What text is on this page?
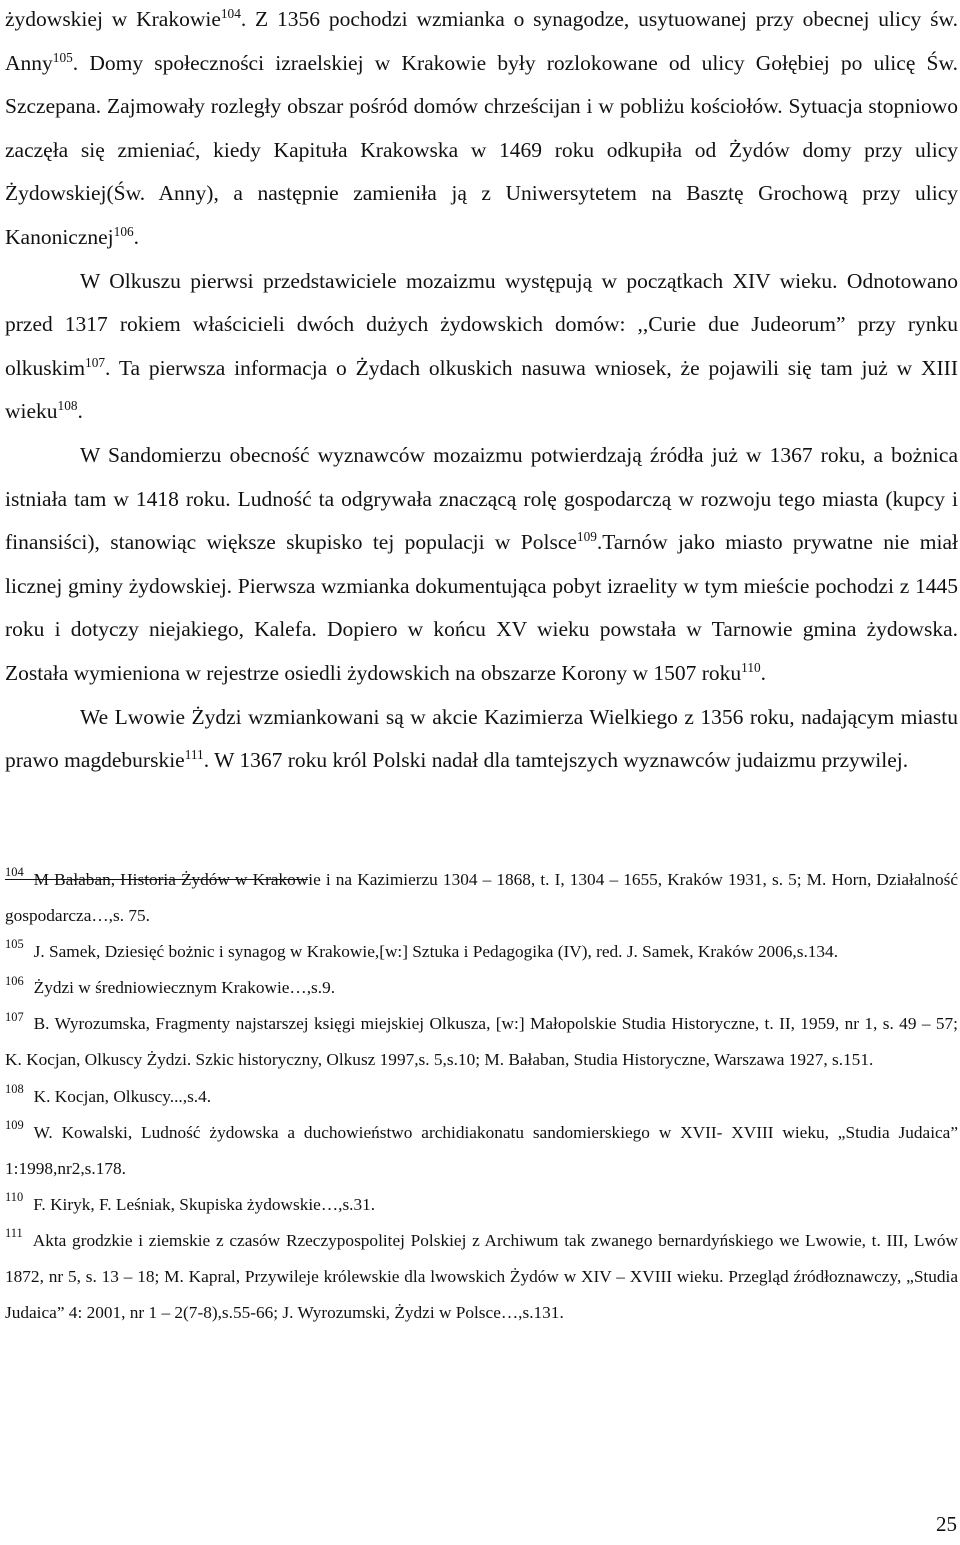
żydowskiej w Krakowie$^{104}$. Z 1356 pochodzi wzmianka o synagodze, usytuowanej przy obecnej ulicy św. Anny$^{105}$. Domy społeczności izraelskiej w Krakowie były rozlokowane od ulicy Gołębiej po ulicę Św. Szczepana. Zajmowały rozległy obszar pośród domów chrześcijan i w pobliżu kościołów. Sytuacja stopniowo zaczęła się zmieniać, kiedy Kapituła Krakowska w 1469 roku odkupiła od Żydów domy przy ulicy Żydowskiej(Św. Anny), a następnie zamieniła ją z Uniwersytetem na Basztę Grochową przy ulicy Kanonicznej$^{106}$.

W Olkuszu pierwsi przedstawiciele mozaizmu występują w początkach XIV wieku. Odnotowano przed 1317 rokiem właścicieli dwóch dużych żydowskich domów: ,,Curie due Judeorum” przy rynku olkuskim$^{107}$. Ta pierwsza informacja o Żydach olkuskich nasuwa wniosek, że pojawili się tam już w XIII wieku$^{108}$.

W Sandomierzu obecność wyznawców mozaizmu potwierdzają źródła już w 1367 roku, a bożnica istniała tam w 1418 roku. Ludność ta odgrywała znaczącą rolę gospodarczą w rozwoju tego miasta (kupcy i finansiści), stanowiąc większe skupisko tej populacji w Polsce$^{109}$.Tarnów jako miasto prywatne nie miał licznej gminy żydowskiej. Pierwsza wzmianka dokumentująca pobyt izraelity w tym mieście pochodzi z 1445 roku i dotyczy niejakiego, Kalefa. Dopiero w końcu XV wieku powstała w Tarnowie gmina żydowska. Została wymieniona w rejestrze osiedli żydowskich na obszarze Korony w 1507 roku$^{110}$.

We Lwowie Żydzi wzmiankowani są w akcie Kazimierza Wielkiego z 1356 roku, nadającym miastu prawo magdeburskie$^{111}$. W 1367 roku król Polski nadał dla tamtejszych wyznawców judaizmu przywilej.

$^{104}$ M Bałaban, Historia Żydów w Krakowie i na Kazimierzu 1304 – 1868, t. I, 1304 – 1655, Kraków 1931, s. 5; M. Horn, Działalność gospodarcza…,s. 75.

$^{105}$ J. Samek, Dziesięć bożnic i synagog w Krakowie,[w:] Sztuka i Pedagogika (IV), red. J. Samek, Kraków 2006,s.134.

$^{106}$ Żydzi w średniowiecznym Krakowie…,s.9.

$^{107}$ B. Wyrozumska, Fragmenty najstarszej księgi miejskiej Olkusza, [w:] Małopolskie Studia Historyczne, t. II, 1959, nr 1, s. 49 – 57; K. Kocjan, Olkuscy Żydzi. Szkic historyczny, Olkusz 1997,s. 5,s.10; M. Bałaban, Studia Historyczne, Warszawa 1927, s.151.

$^{108}$ K. Kocjan, Olkuscy...,s.4.

$^{109}$ W. Kowalski, Ludność żydowska a duchowieństwo archidiakonatu sandomierskiego w XVII- XVIII wieku, „Studia Judaica” 1:1998,nr2,s.178.

$^{110}$ F. Kiryk, F. Leśniak, Skupiska żydowskie…,s.31.

$^{111}$ Akta grodzkie i ziemskie z czasów Rzeczypospolitej Polskiej z Archiwum tak zwanego bernardyńskiego we Lwowie, t. III, Lwów 1872, nr 5, s. 13 – 18; M. Kapral, Przywileje królewskie dla lwowskich Żydów w XIV – XVIII wieku. Przegląd źródłoznawczy, „Studia Judaica” 4: 2001, nr 1 – 2(7-8),s.55-66; J. Wyrozumski, Żydzi w Polsce…,s.131.

25
